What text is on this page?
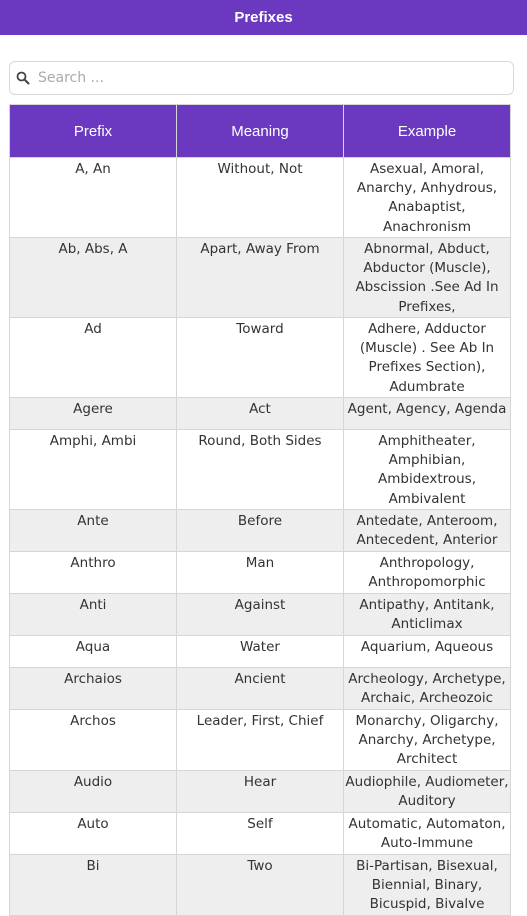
Prefixes
Search ...
Prefix	Meaning	Example
A, An	Without, Not	Asexual, Amoral, Anarchy, Anhydrous, Anabaptist, Anachronism
Ab, Abs, A	Apart, Away From	Abnormal, Abduct, Abductor (Muscle), Abscission .See Ad In Prefixes,
Ad	Toward	Adhere, Adductor (Muscle) . See Ab In Prefixes Section), Adumbrate
Agere	Act	Agent, Agency, Agenda
Amphi, Ambi	Round, Both Sides	Amphitheater, Amphibian, Ambidextrous, Ambivalent
Ante	Before	Antedate, Anteroom, Antecedent, Anterior
Anthro	Man	Anthropology, Anthropomorphic
Anti	Against	Antipathy, Antitank, Anticlimax
Aqua	Water	Aquarium, Aqueous
Archaios	Ancient	Archeology, Archetype, Archaic, Archeozoic
Archos	Leader, First, Chief	Monarchy, Oligarchy, Anarchy, Archetype, Architect
Audio	Hear	Audiophile, Audiometer, Auditory
Auto	Self	Automatic, Automaton, Auto-Immune
Bi	Two	Bi-Partisan, Bisexual, Biennial, Binary, Bicuspid, Bivalve
